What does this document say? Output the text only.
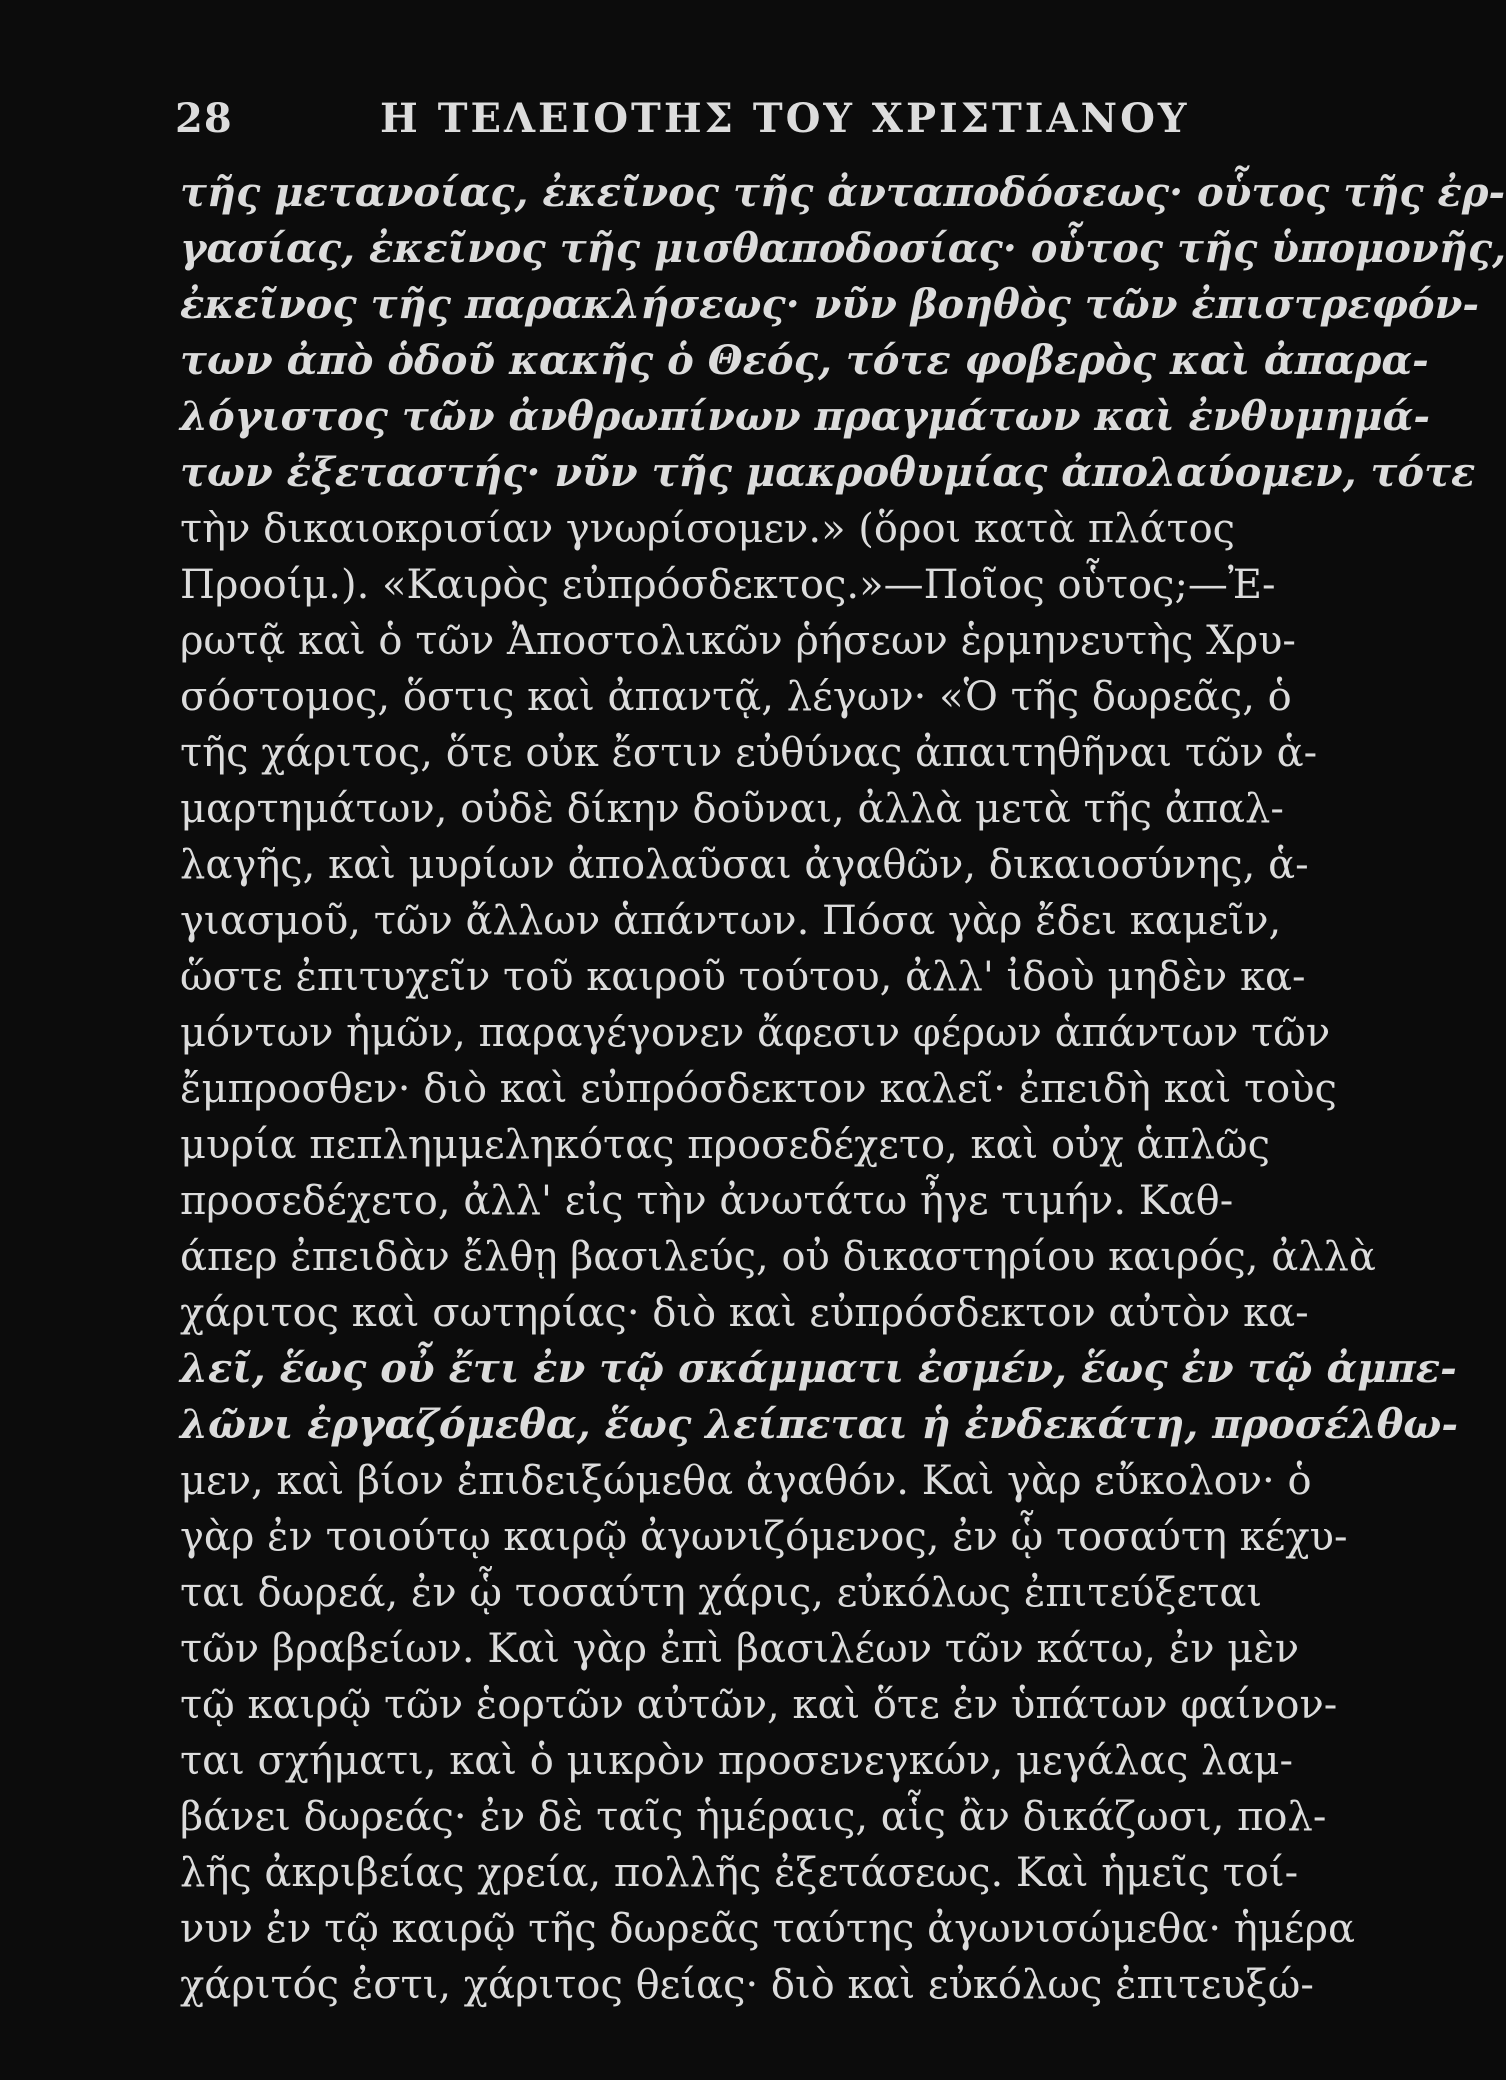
28	Η ΤΕΛΕΙΟΤΗΣ ΤΟΥ ΧΡΙΣΤΙΑΝΟΥ
τῆς μετανοίας, ἐκεῖνος τῆς ἀνταποδόσεως· οὗτος τῆς ἐρ-
γασίας, ἐκεῖνος τῆς μισθαποδοσίας· οὗτος τῆς ὑπομονῆς,
ἐκεῖνος τῆς παρακλήσεως· νῦν βοηθὸς τῶν ἐπιστρεφόν-
των ἀπὸ ὁδοῦ κακῆς ὁ Θεός, τότε φοβερὸς καὶ ἀπαρα-
λόγιστος τῶν ἀνθρωπίνων πραγμάτων καὶ ἐνθυμημά-
των ἐξεταστής· νῦν τῆς μακροθυμίας ἀπολαύομεν, τότε
τὴν δικαιοκρισίαν γνωρίσομεν.» (ὅροι κατὰ πλάτος
Προοίμ.). «Καιρὸς εὐπρόσδεκτος.»—Ποῖος οὗτος;—Ἐ-
ρωτᾷ καὶ ὁ τῶν Ἀποστολικῶν ῥήσεων ἑρμηνευτὴς Χρυ-
σόστομος, ὅστις καὶ ἀπαντᾷ, λέγων· «Ὁ τῆς δωρεᾶς, ὁ
τῆς χάριτος, ὅτε οὐκ ἔστιν εὐθύνας ἀπαιτηθῆναι τῶν ἁ-
μαρτημάτων, οὐδὲ δίκην δοῦναι, ἀλλὰ μετὰ τῆς ἀπαλ-
λαγῆς, καὶ μυρίων ἀπολαῦσαι ἀγαθῶν, δικαιοσύνης, ἁ-
γιασμοῦ, τῶν ἄλλων ἁπάντων. Πόσα γὰρ ἔδει καμεῖν,
ὥστε ἐπιτυχεῖν τοῦ καιροῦ τούτου, ἀλλ' ἰδοὺ μηδὲν κα-
μόντων ἡμῶν, παραγέγονεν ἄφεσιν φέρων ἁπάντων τῶν
ἔμπροσθεν· διὸ καὶ εὐπρόσδεκτον καλεῖ· ἐπειδὴ καὶ τοὺς
μυρία πεπλημμεληκότας προσεδέχετο, καὶ οὐχ ἁπλῶς
προσεδέχετο, ἀλλ' εἰς τὴν ἀνωτάτω ἦγε τιμήν. Καθ-
άπερ ἐπειδὰν ἔλθῃ βασιλεύς, οὐ δικαστηρίου καιρός, ἀλλὰ
χάριτος καὶ σωτηρίας· διὸ καὶ εὐπρόσδεκτον αὐτὸν κα-
λεῖ, ἕως οὖ ἔτι ἐν τῷ σκάμματι ἐσμέν, ἕως ἐν τῷ ἀμπε-
λῶνι ἐργαζόμεθα, ἕως λείπεται ἡ ἐνδεκάτη, προσέλθω-
μεν, καὶ βίον ἐπιδειξώμεθα ἀγαθόν. Καὶ γὰρ εὔκολον· ὁ
γὰρ ἐν τοιούτῳ καιρῷ ἀγωνιζόμενος, ἐν ᾧ τοσαύτη κέχυ-
ται δωρεά, ἐν ᾧ τοσαύτη χάρις, εὐκόλως ἐπιτεύξεται
τῶν βραβείων. Καὶ γὰρ ἐπὶ βασιλέων τῶν κάτω, ἐν μὲν
τῷ καιρῷ τῶν ἑορτῶν αὐτῶν, καὶ ὅτε ἐν ὑπάτων φαίνον-
ται σχήματι, καὶ ὁ μικρὸν προσενεγκών, μεγάλας λαμ-
βάνει δωρεάς· ἐν δὲ ταῖς ἡμέραις, αἷς ἂν δικάζωσι, πολ-
λῆς ἀκριβείας χρεία, πολλῆς ἐξετάσεως. Καὶ ἡμεῖς τοί-
νυν ἐν τῷ καιρῷ τῆς δωρεᾶς ταύτης ἀγωνισώμεθα· ἡμέρα
χάριτός ἐστι, χάριτος θείας· διὸ καὶ εὐκόλως ἐπιτευξώ-
